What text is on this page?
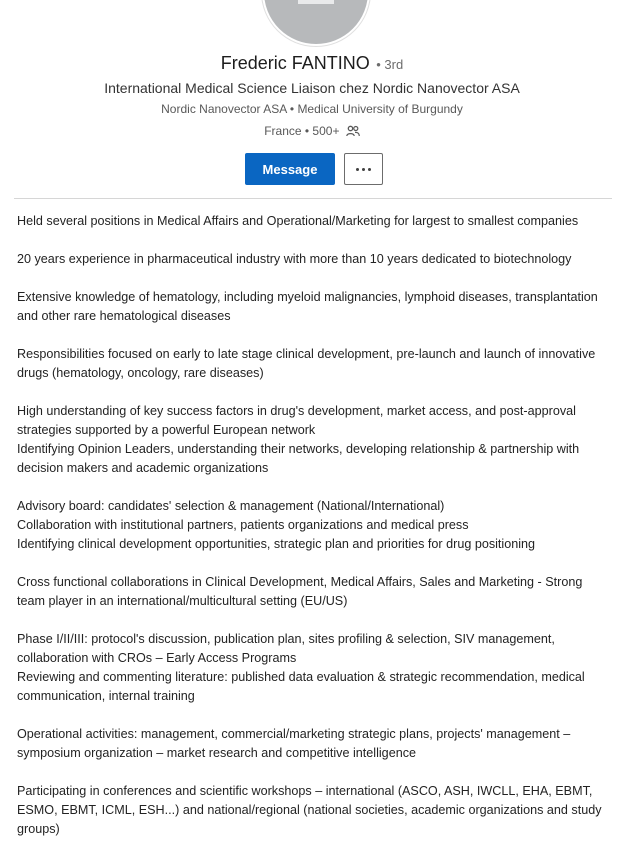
Frederic FANTINO • 3rd
International Medical Science Liaison chez Nordic Nanovector ASA
Nordic Nanovector ASA • Medical University of Burgundy
France • 500+
Message
Held several positions in Medical Affairs and Operational/Marketing for largest to smallest companies
20 years experience in pharmaceutical industry with more than 10 years dedicated to biotechnology
Extensive knowledge of hematology, including myeloid malignancies, lymphoid diseases, transplantation and other rare hematological diseases
Responsibilities focused on early to late stage clinical development, pre-launch and launch of innovative drugs (hematology, oncology, rare diseases)
High understanding of key success factors in drug's development, market access, and post-approval strategies supported by a powerful European network
Identifying Opinion Leaders, understanding their networks, developing relationship & partnership with decision makers and academic organizations
Advisory board: candidates' selection & management (National/International)
Collaboration with institutional partners, patients organizations and medical press
Identifying clinical development opportunities, strategic plan and priorities for drug positioning
Cross functional collaborations in Clinical Development, Medical Affairs, Sales and Marketing - Strong team player in an international/multicultural setting (EU/US)
Phase I/II/III: protocol's discussion, publication plan, sites profiling & selection, SIV management, collaboration with CROs – Early Access Programs
Reviewing and commenting literature: published data evaluation & strategic recommendation, medical communication, internal training
Operational activities: management, commercial/marketing strategic plans, projects' management – symposium organization – market research and competitive intelligence
Participating in conferences and scientific workshops – international (ASCO, ASH, IWCLL, EHA, EBMT, ESMO, EBMT, ICML, ESH...) and national/regional (national societies, academic organizations and study groups)
